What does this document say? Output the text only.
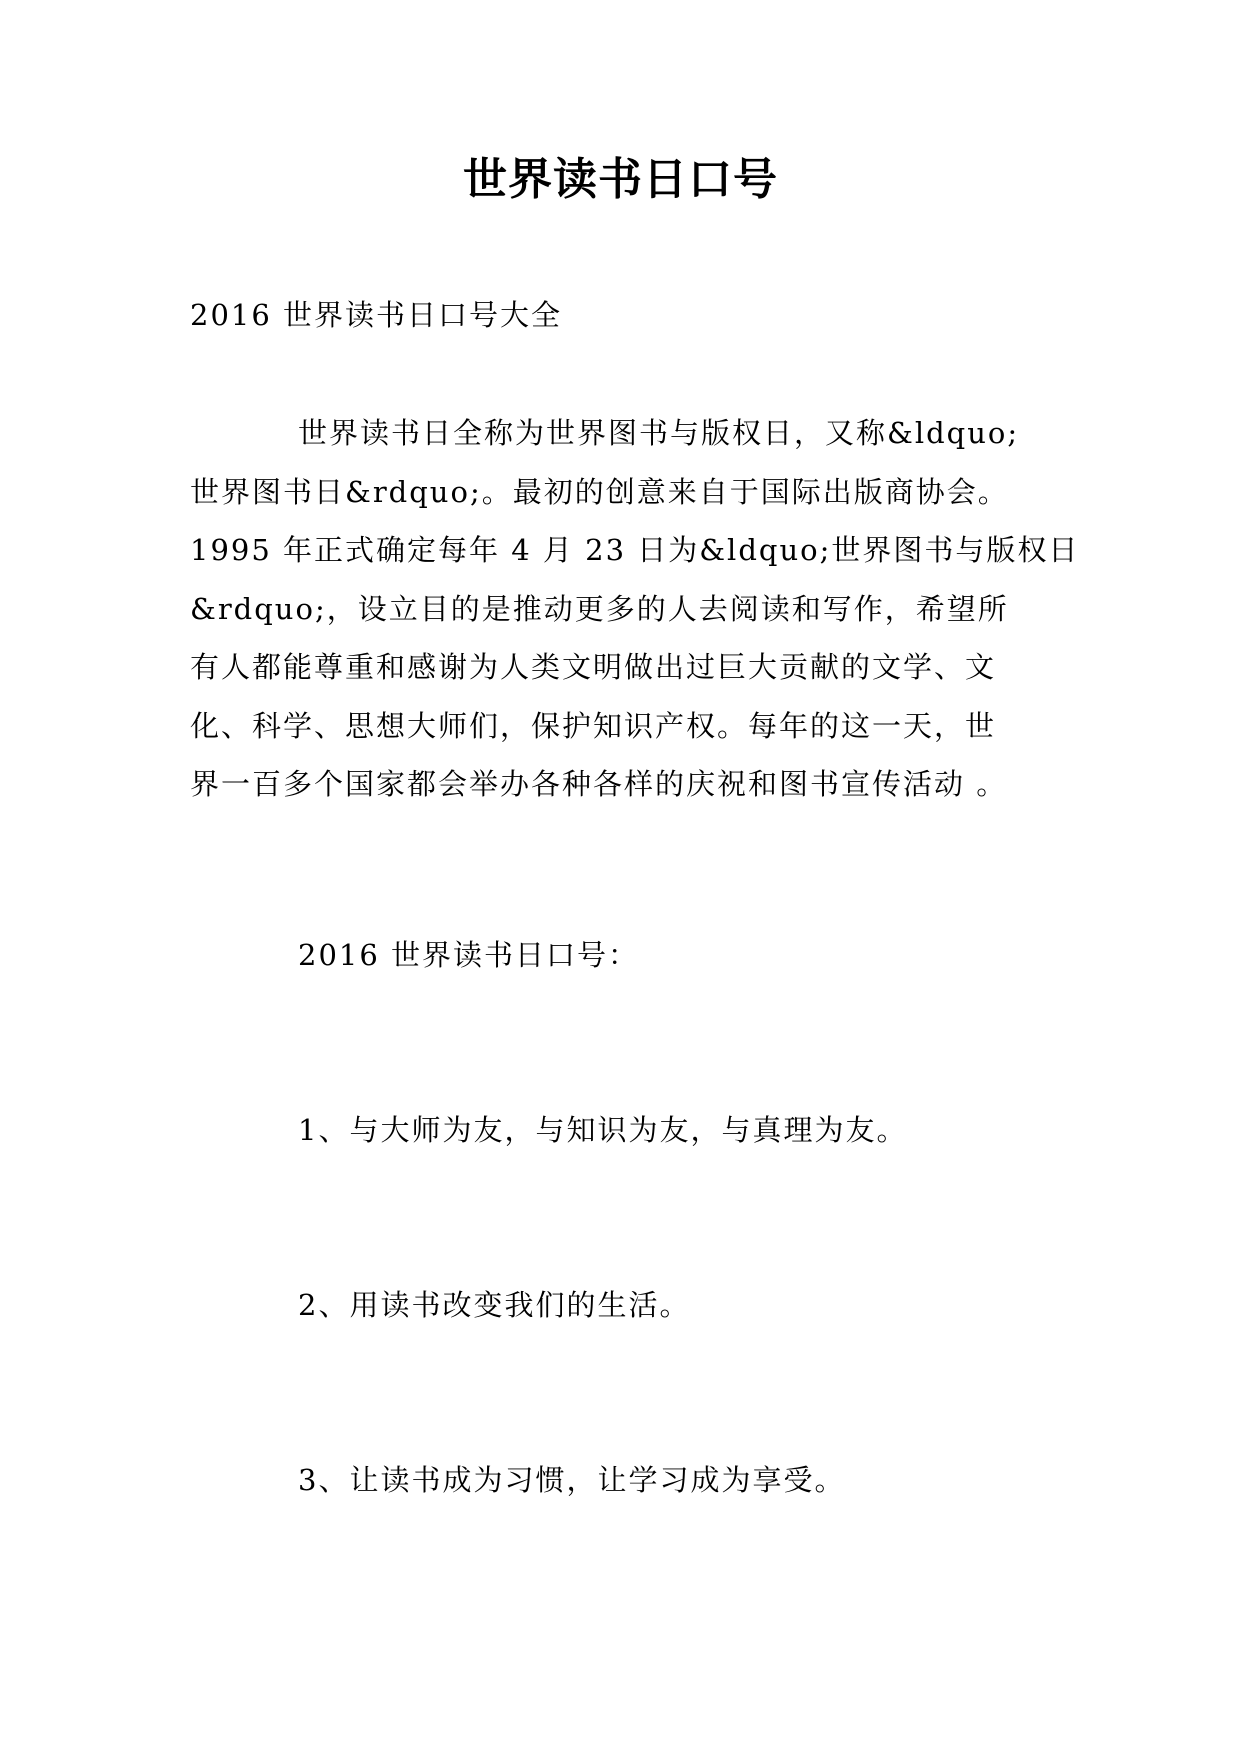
世界读书日口号
2016 世界读书日口号大全
世界读书日全称为世界图书与版权日，又称&ldquo;
世界图书日&rdquo;。最初的创意来自于国际出版商协会。
1995 年正式确定每年 4 月 23 日为&ldquo;世界图书与版权日
&rdquo;，设立目的是推动更多的人去阅读和写作，希望所
有人都能尊重和感谢为人类文明做出过巨大贡献的文学、文
化、科学、思想大师们，保护知识产权。每年的这一天，世
界一百多个国家都会举办各种各样的庆祝和图书宣传活动 。
2016 世界读书日口号：
1、与大师为友，与知识为友，与真理为友。
2、用读书改变我们的生活。
3、让读书成为习惯，让学习成为享受。
